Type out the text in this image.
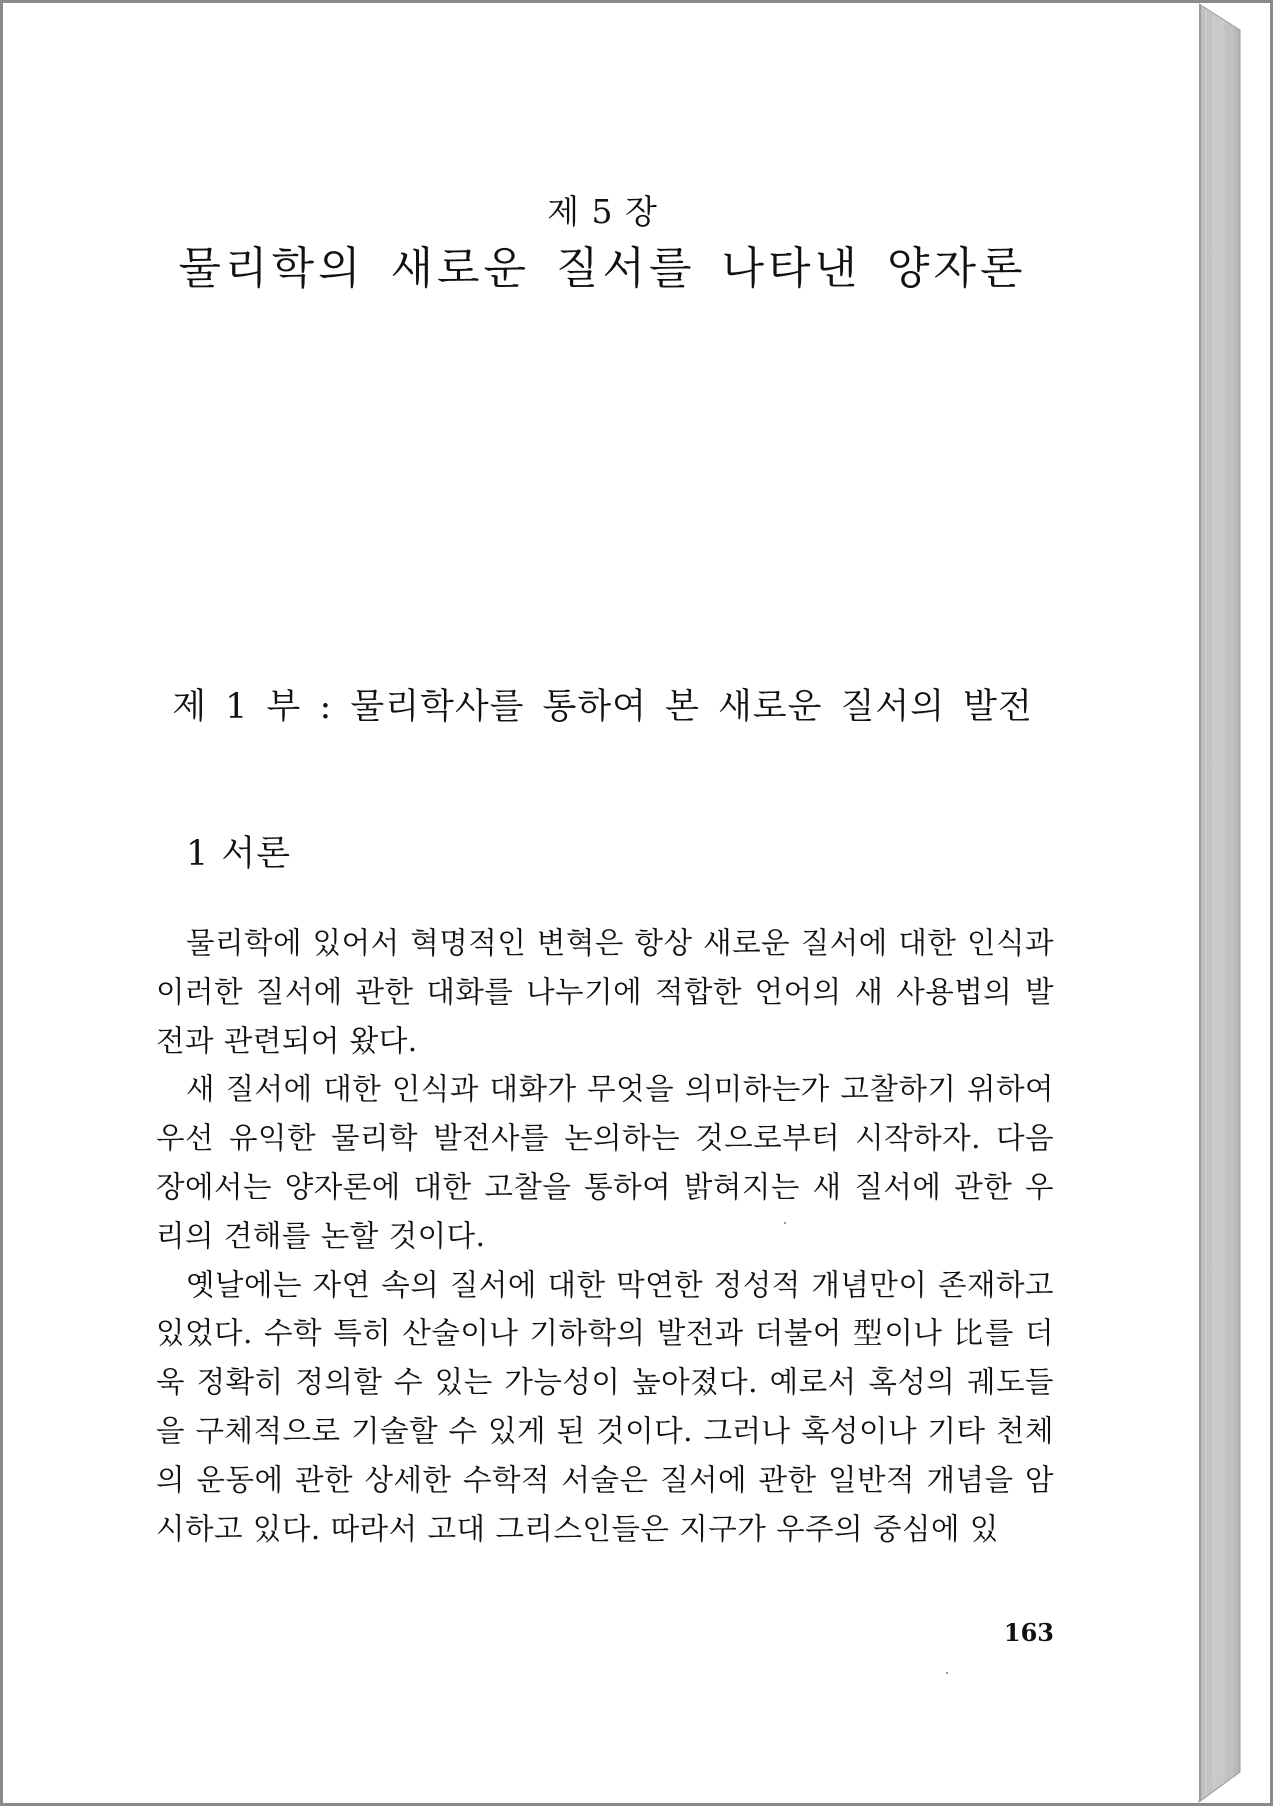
제 5 장
물리학의 새로운 질서를 나타낸 양자론
제 1 부 : 물리학사를 통하여 본 새로운 질서의 발전
1 서론

물리학에 있어서 혁명적인 변혁은 항상 새로운 질서에 대한 인식과 이러한 질서에 관한 대화를 나누기에 적합한 언어의 새 사용법의 발전과 관련되어 왔다.

새 질서에 대한 인식과 대화가 무엇을 의미하는가 고찰하기 위하여 우선 유익한 물리학 발전사를 논의하는 것으로부터 시작하자. 다음 장에서는 양자론에 대한 고찰을 통하여 밝혀지는 새 질서에 관한 우리의 견해를 논할 것이다.

옛날에는 자연 속의 질서에 대한 막연한 정성적 개념만이 존재하고 있었다. 수학 특히 산술이나 기하학의 발전과 더불어 型이나 比를 더욱 정확히 정의할 수 있는 가능성이 높아졌다. 예로서 혹성의 궤도들을 구체적으로 기술할 수 있게 된 것이다. 그러나 혹성이나 기타 천체의 운동에 관한 상세한 수학적 서술은 질서에 관한 일반적 개념을 암시하고 있다. 따라서 고대 그리스인들은 지구가 우주의 중심에 있

163
